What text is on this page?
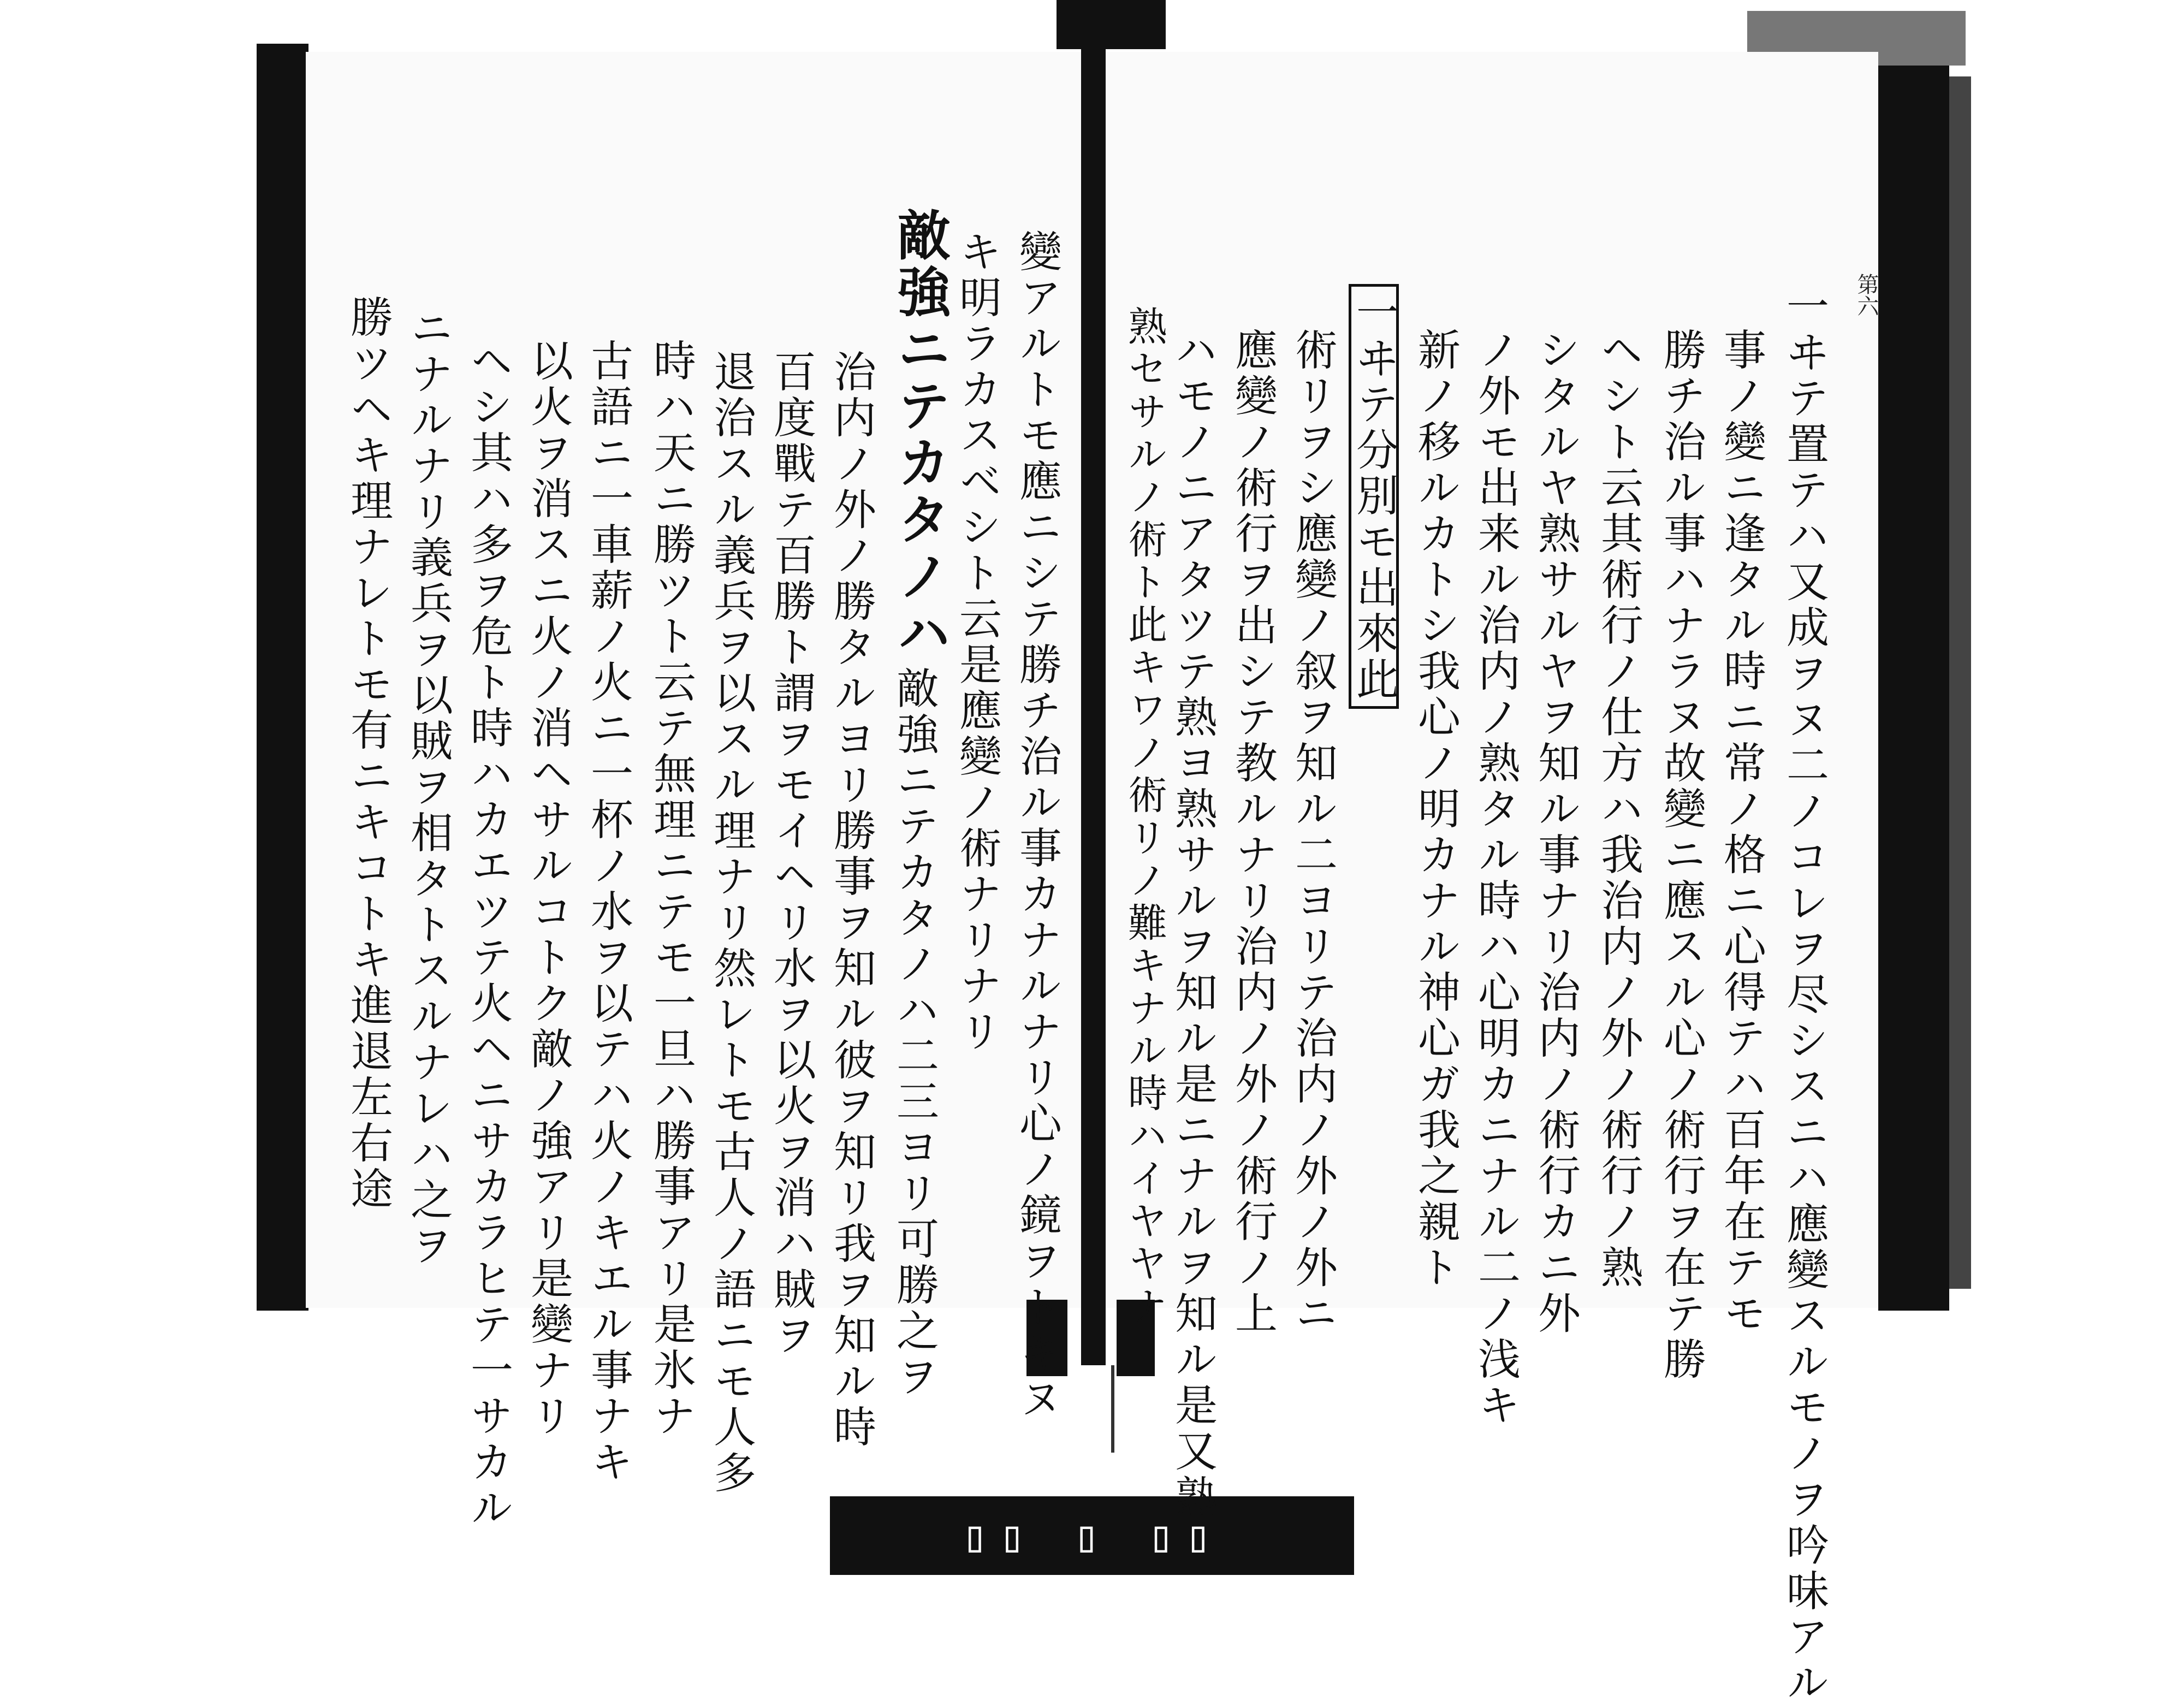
▯▯ ▯ ▯▯
變アルトモ應ニシテ勝チ治ル事カナルナリ心ノ鏡ヲトキヌ
キ明ラカスベシト云是應變ノ術ナリナリ
敵強ニテカタノハ
敵強ニテカタノハ二三ヨリ可勝之ヲ
治内ノ外ノ勝タルヨリ勝事ヲ知ル彼ヲ知リ我ヲ知ル時
百度戰テ百勝ト謂ヲモイヘリ水ヲ以火ヲ消ハ賊ヲ
退治スル義兵ヲ以スル理ナリ然レトモ古人ノ語ニモ人多
時ハ天ニ勝ツト云テ無理ニテモ一旦ハ勝事アリ是氷ナ
古語ニ一車薪ノ火ニ一杯ノ水ヲ以テハ火ノキエル事ナキ
以火ヲ消スニ火ノ消ヘサルコトク敵ノ強アリ是變ナリ
ヘシ其ハ多ヲ危ト時ハカエツテ火ヘニサカラヒテ一サカル
ニナルナリ義兵ヲ以賊ヲ相タトスルナレハ之ヲ
勝ツヘキ理ナレトモ有ニキコトキ進退左右途	第六
一ヰテ置テハ又成ヲヌ二ノコレヲ尽シスニハ應變スルモノヲ吟味アル
事ノ變ニ逢タル時ニ常ノ格ニ心得テハ百年在テモ
勝チ治ル事ハナラヌ故變ニ應スル心ノ術行ヲ在テ勝
ヘシト云其術行ノ仕方ハ我治内ノ外ノ術行ノ熟
シタルヤ熟サルヤヲ知ル事ナリ治内ノ術行カニ外
ノ外モ出来ル治内ノ熟タル時ハ心明カニナル二ノ浅キ
新ノ移ルカトシ我心ノ明カナル神心ガ我之親ト
一ヰテ分別モ出來此
術リヲシ應變ノ叙ヲ知ル二ヨリテ治内ノ外ノ外ニ
應變ノ術行ヲ出シテ教ルナリ治内ノ外ノ術行ノ上
ハモノニアタツテ熟ヨ熟サルヲ知ル是ニナルヲ知ル是又熟
熟セサルノ術ト此キワノ術リノ難キナル時ハイヤヤナ
